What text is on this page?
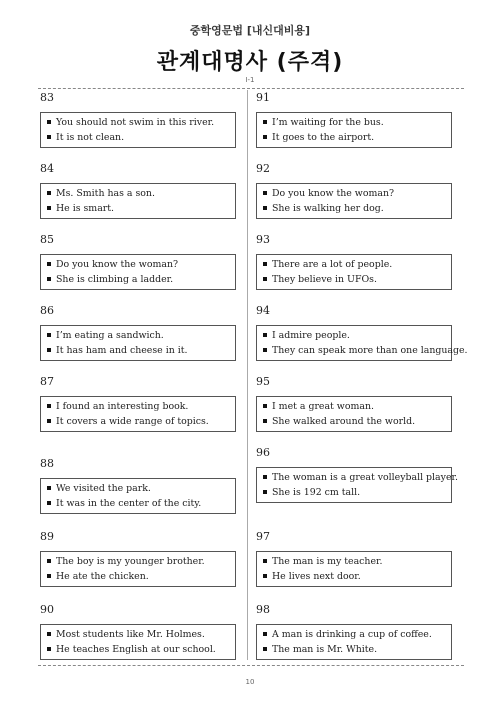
중학영문법 [내신대비용]
관계대명사 (주격)
I-1
83
You should not swim in this river.
It is not clean.
84
Ms. Smith has a son.
He is smart.
85
Do you know the woman?
She is climbing a ladder.
86
I’m eating a sandwich.
It has ham and cheese in it.
87
I found an interesting book.
It covers a wide range of topics.
88
We visited the park.
It was in the center of the city.
89
The boy is my younger brother.
He ate the chicken.
90
Most students like Mr. Holmes.
He teaches English at our school.
91
I’m waiting for the bus.
It goes to the airport.
92
Do you know the woman?
She is walking her dog.
93
There are a lot of people.
They believe in UFOs.
94
I admire people.
They can speak more than one language.
95
I met a great woman.
She walked around the world.
96
The woman is a great volleyball player.
She is 192 cm tall.
97
The man is my teacher.
He lives next door.
98
A man is drinking a cup of coffee.
The man is Mr. White.
10
